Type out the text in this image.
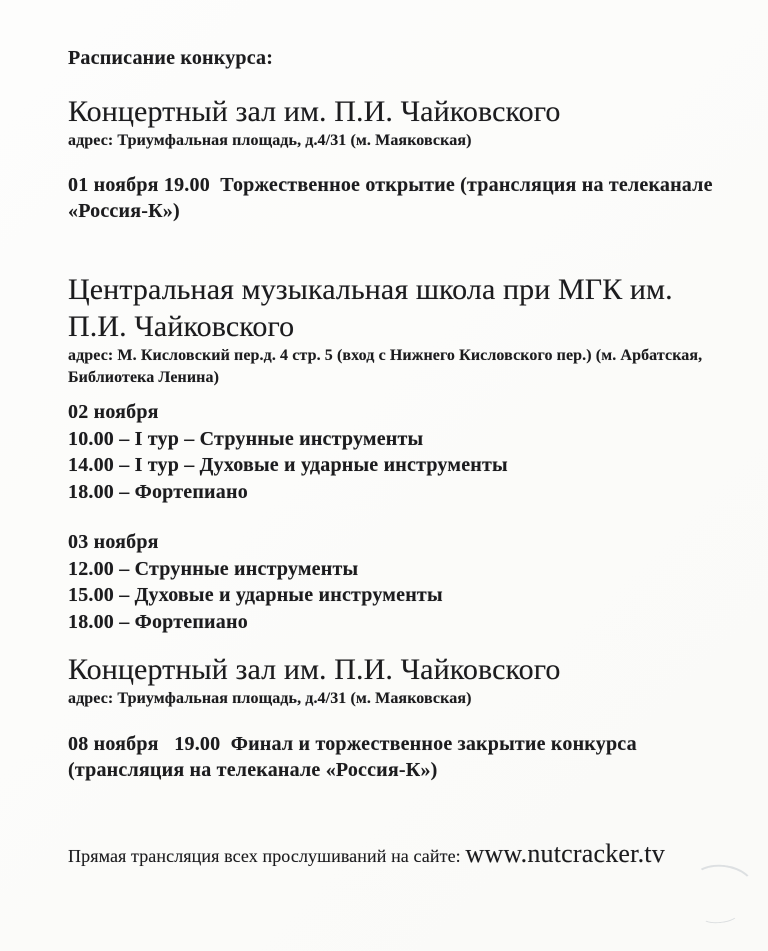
Расписание конкурса:
Концертный зал им. П.И. Чайковского
адрес: Триумфальная площадь, д.4/31 (м. Маяковская)
01 ноября 19.00  Торжественное открытие (трансляция на телеканале «Россия-К»)
Центральная музыкальная школа при МГК им. П.И. Чайковского
адрес: М. Кисловский пер.д. 4 стр. 5 (вход с Нижнего Кисловского пер.) (м. Арбатская, Библиотека Ленина)
02 ноября
10.00 – I тур – Струнные инструменты
14.00 – I тур – Духовые и ударные инструменты
18.00 – Фортепиано
03 ноября
12.00 – Струнные инструменты
15.00 – Духовые и ударные инструменты
18.00 – Фортепиано
Концертный зал им. П.И. Чайковского
адрес: Триумфальная площадь, д.4/31 (м. Маяковская)
08 ноября   19.00  Финал и торжественное закрытие конкурса (трансляция на телеканале «Россия-К»)
Прямая трансляция всех прослушиваний на сайте: www.nutcracker.tv
